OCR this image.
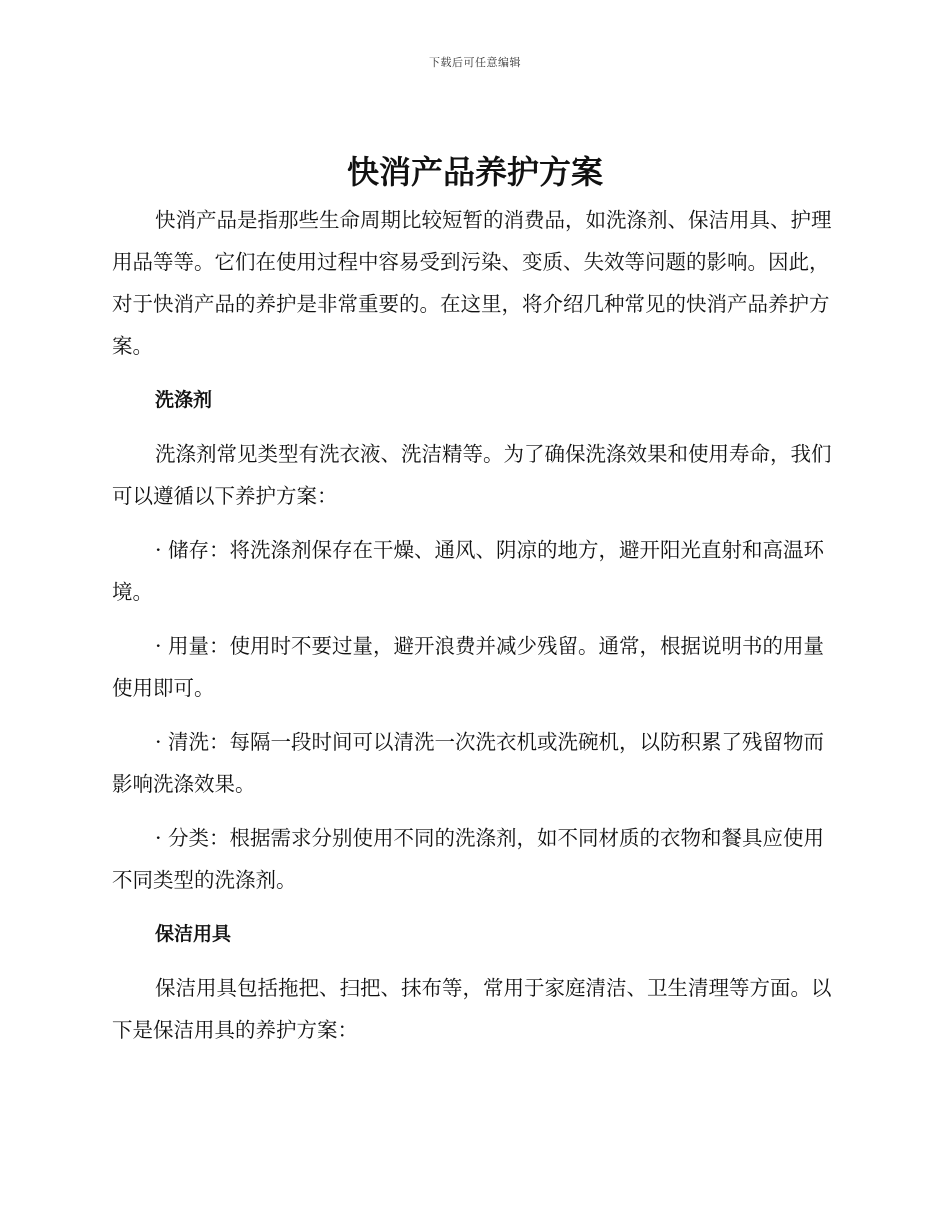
下载后可任意编辑
快消产品养护方案

快消产品是指那些生命周期比较短暂的消费品，如洗涤剂、保洁用具、护理用品等等。它们在使用过程中容易受到污染、变质、失效等问题的影响。因此，对于快消产品的养护是非常重要的。在这里，将介绍几种常见的快消产品养护方案。

洗涤剂

洗涤剂常见类型有洗衣液、洗洁精等。为了确保洗涤效果和使用寿命，我们可以遵循以下养护方案：

· 储存：将洗涤剂保存在干燥、通风、阴凉的地方，避开阳光直射和高温环境。

· 用量：使用时不要过量，避开浪费并减少残留。通常，根据说明书的用量使用即可。

· 清洗：每隔一段时间可以清洗一次洗衣机或洗碗机，以防积累了残留物而影响洗涤效果。

· 分类：根据需求分别使用不同的洗涤剂，如不同材质的衣物和餐具应使用不同类型的洗涤剂。

保洁用具

保洁用具包括拖把、扫把、抹布等，常用于家庭清洁、卫生清理等方面。以下是保洁用具的养护方案：
